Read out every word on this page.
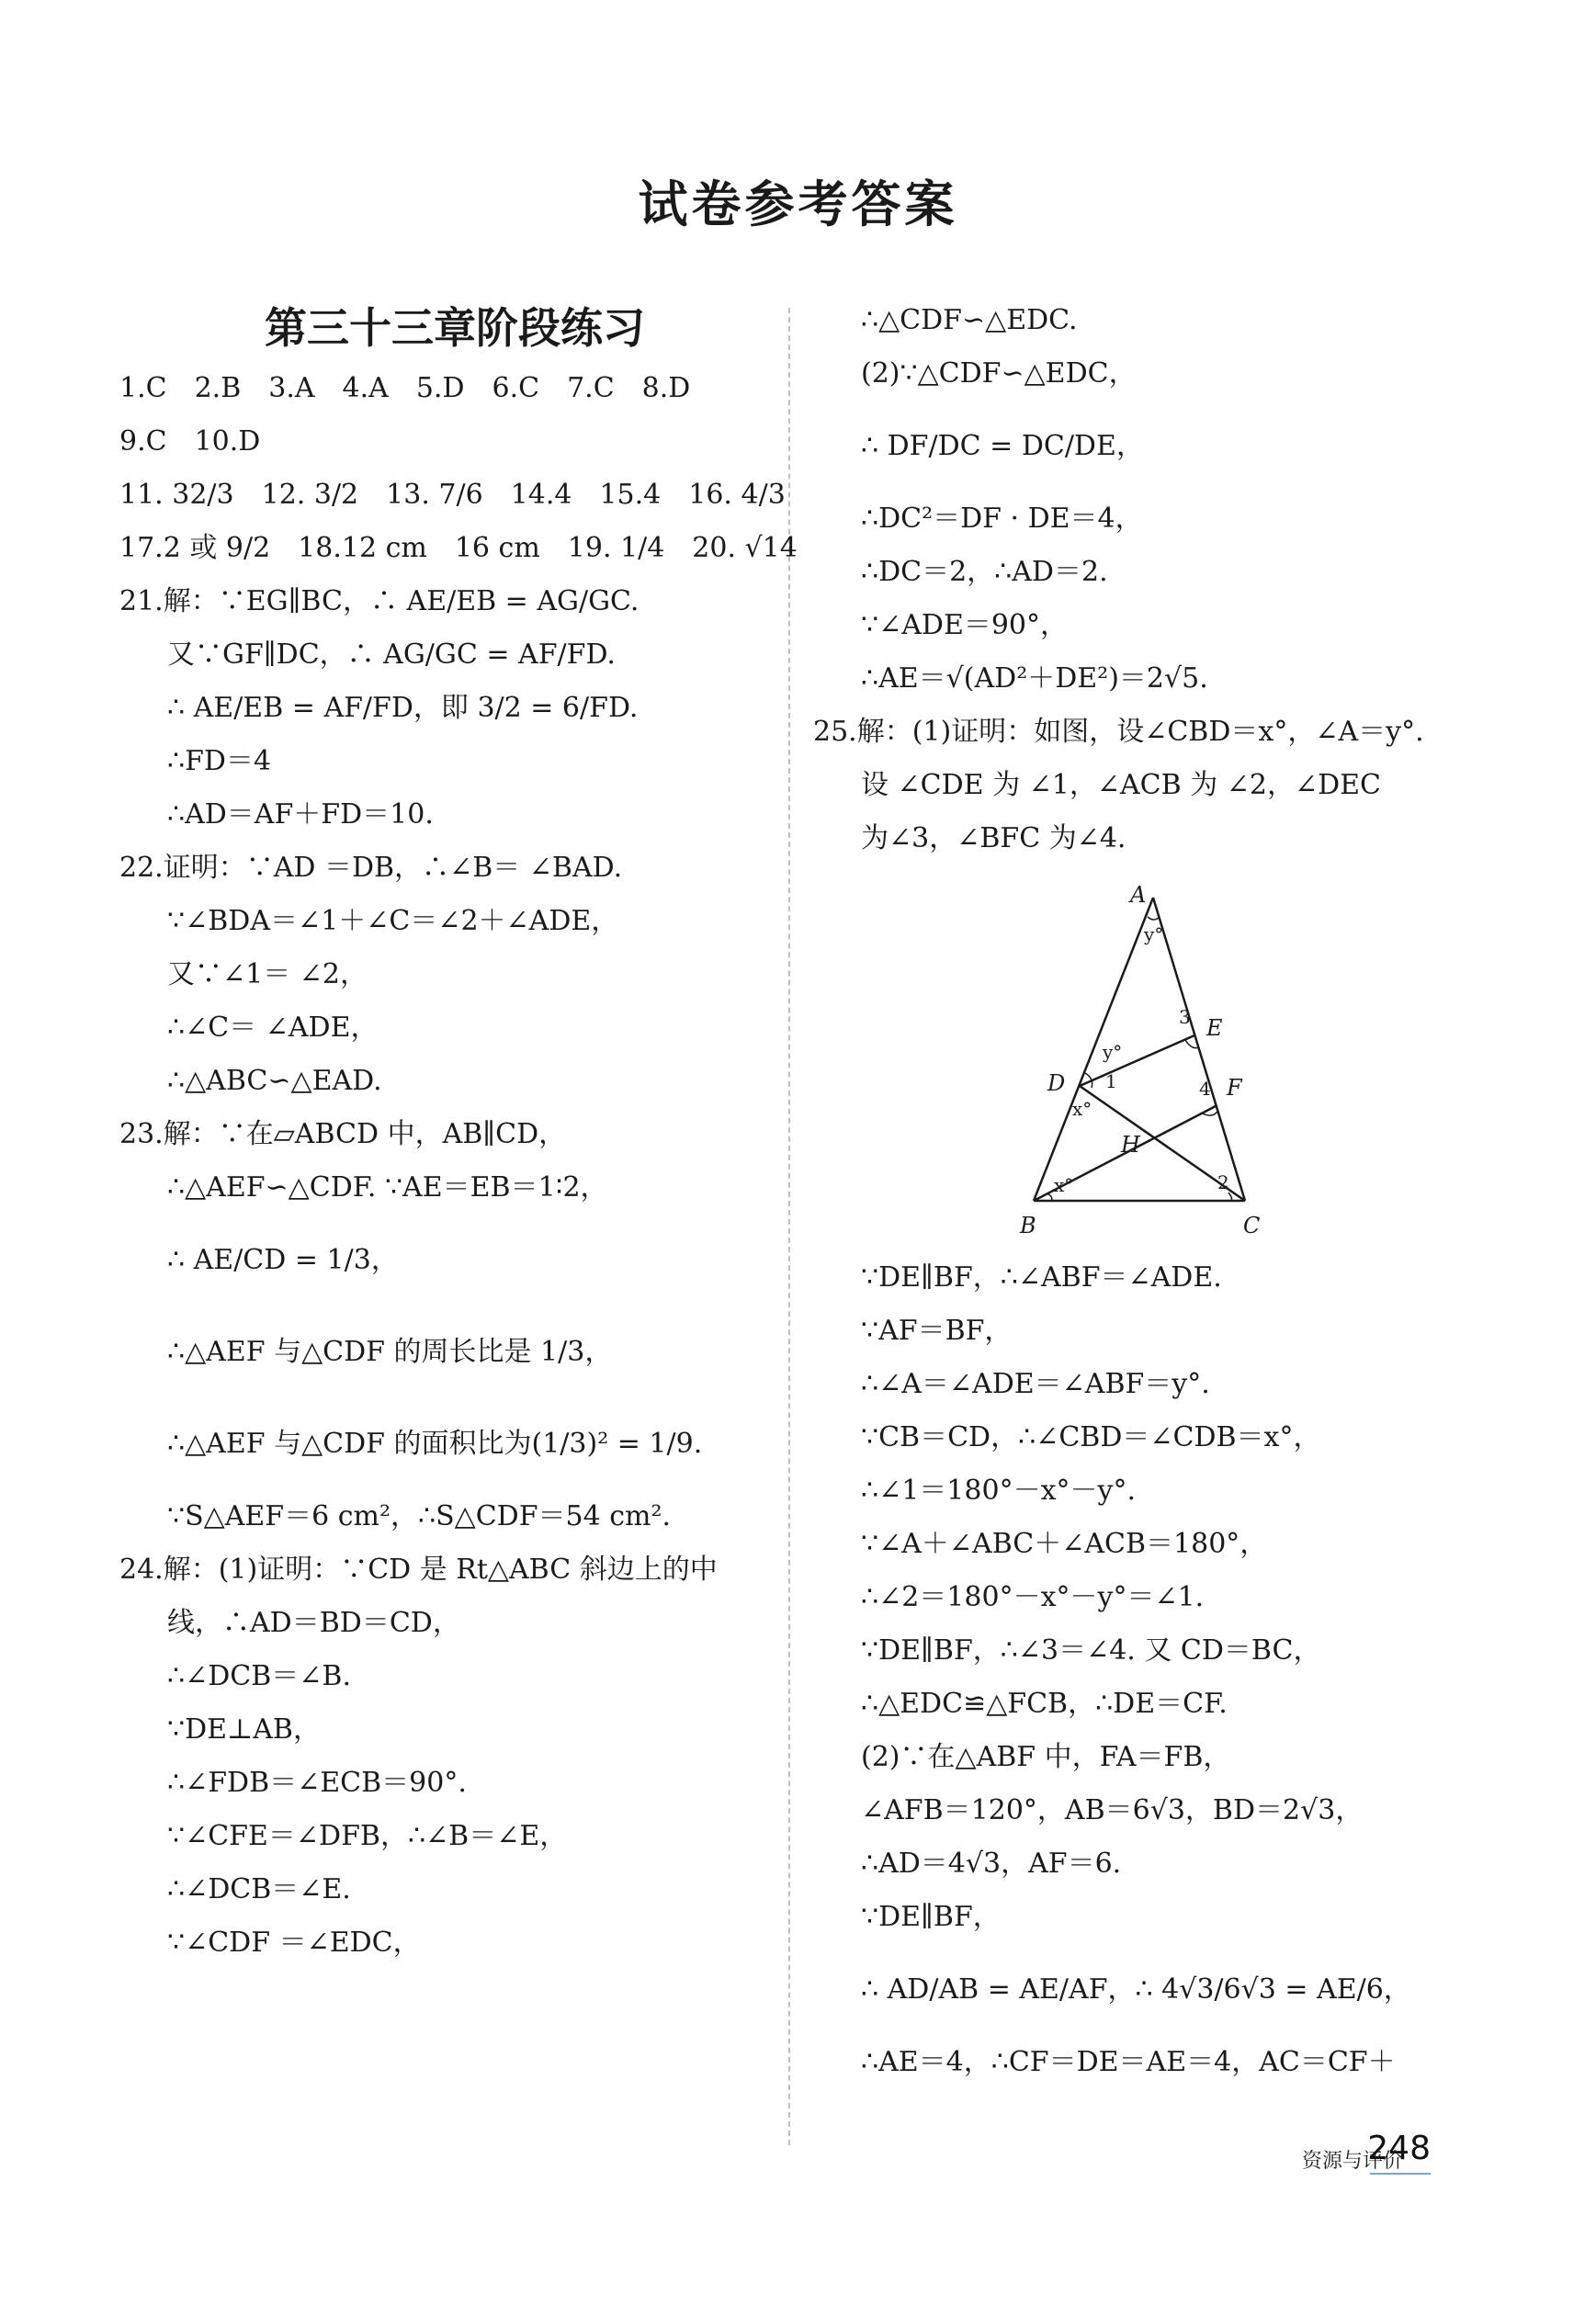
试卷参考答案
第三十三章阶段练习
1.C　2.B　3.A　4.A　5.D　6.C　7.C　8.D
9.C　10.D
11. 32/3　12. 3/2　13. 7/6　14.4　15.4　16. 4/3
17.2 或 9/2　18.12 cm　16 cm　19. 1/4　20. √14
21.解：∵EG∥BC，∴ AE/EB = AG/GC.
又∵GF∥DC，∴ AG/GC = AF/FD.
∴ AE/EB = AF/FD，即 3/2 = 6/FD.
∴FD＝4
∴AD＝AF＋FD＝10.
22.证明：∵AD ＝DB，∴∠B＝ ∠BAD.
∵∠BDA＝∠1＋∠C＝∠2＋∠ADE，
又∵∠1＝ ∠2，
∴∠C＝ ∠ADE，
∴△ABC∽△EAD.
23.解：∵在▱ABCD 中，AB∥CD，
∴△AEF∽△CDF. ∵AE＝EB＝1∶2，
∴ AE/CD = 1/3，
∴△AEF 与△CDF 的周长比是 1/3，
∴△AEF 与△CDF 的面积比为(1/3)² = 1/9.
∵S△AEF＝6 cm²，∴S△CDF＝54 cm².
24.解：(1)证明：∵CD 是 Rt△ABC 斜边上的中
线，∴AD＝BD＝CD，
∴∠DCB＝∠B.
∵DE⊥AB，
∴∠FDB＝∠ECB＝90°.
∵∠CFE＝∠DFB，∴∠B＝∠E，
∴∠DCB＝∠E.
∵∠CDF ＝∠EDC，
∴△CDF∽△EDC.
(2)∵△CDF∽△EDC，
∴ DF/DC = DC/DE，
∴DC²＝DF · DE＝4，
∴DC＝2，∴AD＝2.
∵∠ADE＝90°，
∴AE＝√(AD²＋DE²)＝2√5.
25.解：(1)证明：如图，设∠CBD＝x°，∠A＝y°.
设 ∠CDE 为 ∠1，∠ACB 为 ∠2，∠DEC
为∠3，∠BFC 为∠4.
A
E
F
D
H
B	C
y°
y°
x°
x°
1
2
3
4
∵DE∥BF，∴∠ABF＝∠ADE.
∵AF＝BF，
∴∠A＝∠ADE＝∠ABF＝y°.
∵CB＝CD，∴∠CBD＝∠CDB＝x°，
∴∠1＝180°－x°－y°.
∵∠A＋∠ABC＋∠ACB＝180°，
∴∠2＝180°－x°－y°＝∠1.
∵DE∥BF，∴∠3＝∠4. 又 CD＝BC，
∴△EDC≌△FCB，∴DE＝CF.
(2)∵在△ABF 中，FA＝FB，
∠AFB＝120°，AB＝6√3，BD＝2√3，
∴AD＝4√3，AF＝6.
∵DE∥BF，
∴ AD/AB = AE/AF，∴ 4√3/6√3 = AE/6，
∴AE＝4，∴CF＝DE＝AE＝4，AC＝CF＋
资源与评价
248
